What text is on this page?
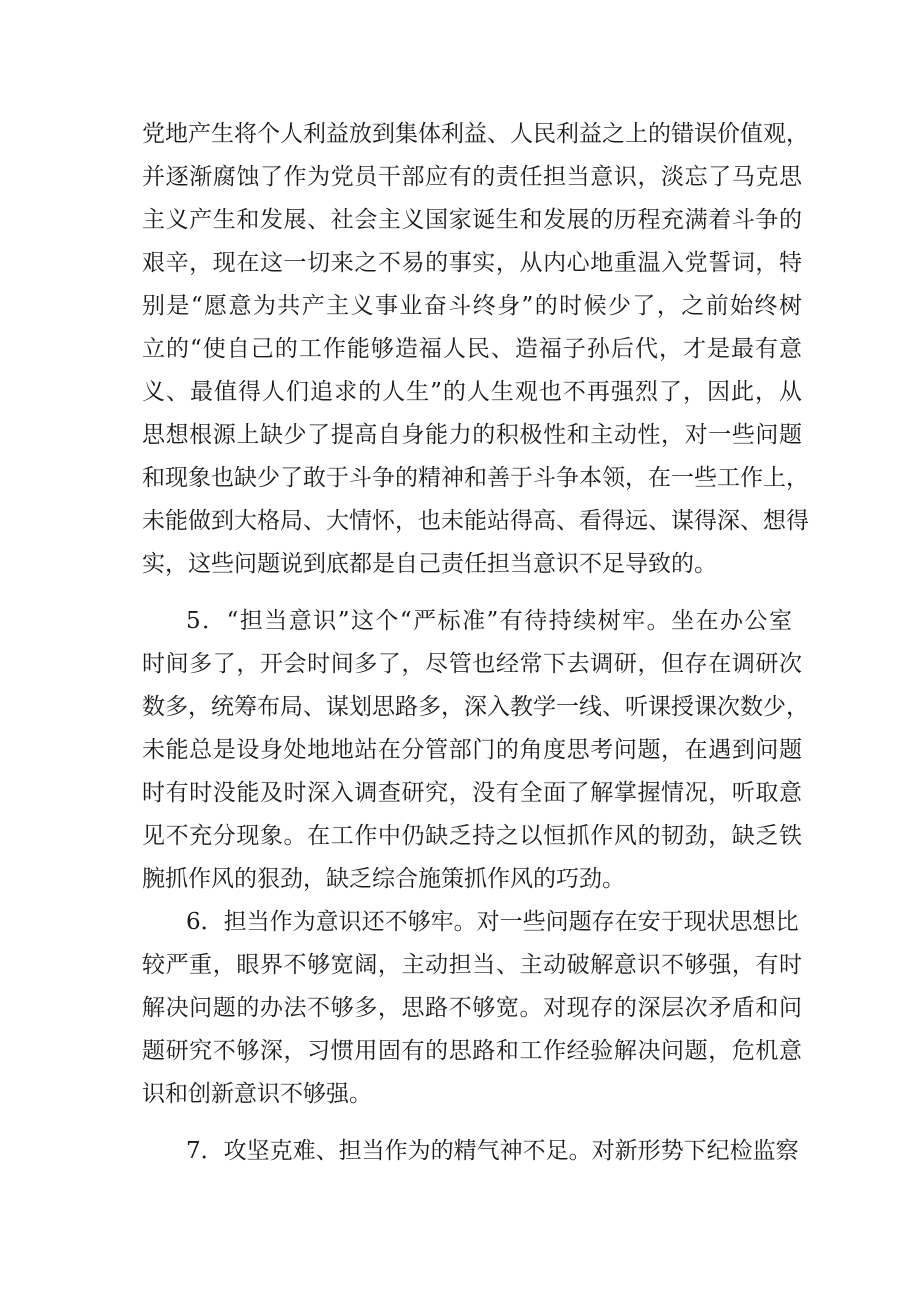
党地产生将个人利益放到集体利益、人民利益之上的错误价值观，
并逐渐腐蚀了作为党员干部应有的责任担当意识，淡忘了马克思
主义产生和发展、社会主义国家诞生和发展的历程充满着斗争的
艰辛，现在这一切来之不易的事实，从内心地重温入党誓词，特
别是“愿意为共产主义事业奋斗终身”的时候少了，之前始终树
立的“使自己的工作能够造福人民、造福子孙后代，才是最有意
义、最值得人们追求的人生”的人生观也不再强烈了，因此，从
思想根源上缺少了提高自身能力的积极性和主动性，对一些问题
和现象也缺少了敢于斗争的精神和善于斗争本领，在一些工作上，
未能做到大格局、大情怀，也未能站得高、看得远、谋得深、想得
实，这些问题说到底都是自己责任担当意识不足导致的。
5．“担当意识”这个“严标准”有待持续树牢。坐在办公室
时间多了，开会时间多了，尽管也经常下去调研，但存在调研次
数多，统筹布局、谋划思路多，深入教学一线、听课授课次数少，
未能总是设身处地地站在分管部门的角度思考问题，在遇到问题
时有时没能及时深入调查研究，没有全面了解掌握情况，听取意
见不充分现象。在工作中仍缺乏持之以恒抓作风的韧劲，缺乏铁
腕抓作风的狠劲，缺乏综合施策抓作风的巧劲。
6．担当作为意识还不够牢。对一些问题存在安于现状思想比
较严重，眼界不够宽阔，主动担当、主动破解意识不够强，有时
解决问题的办法不够多，思路不够宽。对现存的深层次矛盾和问
题研究不够深，习惯用固有的思路和工作经验解决问题，危机意
识和创新意识不够强。
7．攻坚克难、担当作为的精气神不足。对新形势下纪检监察
